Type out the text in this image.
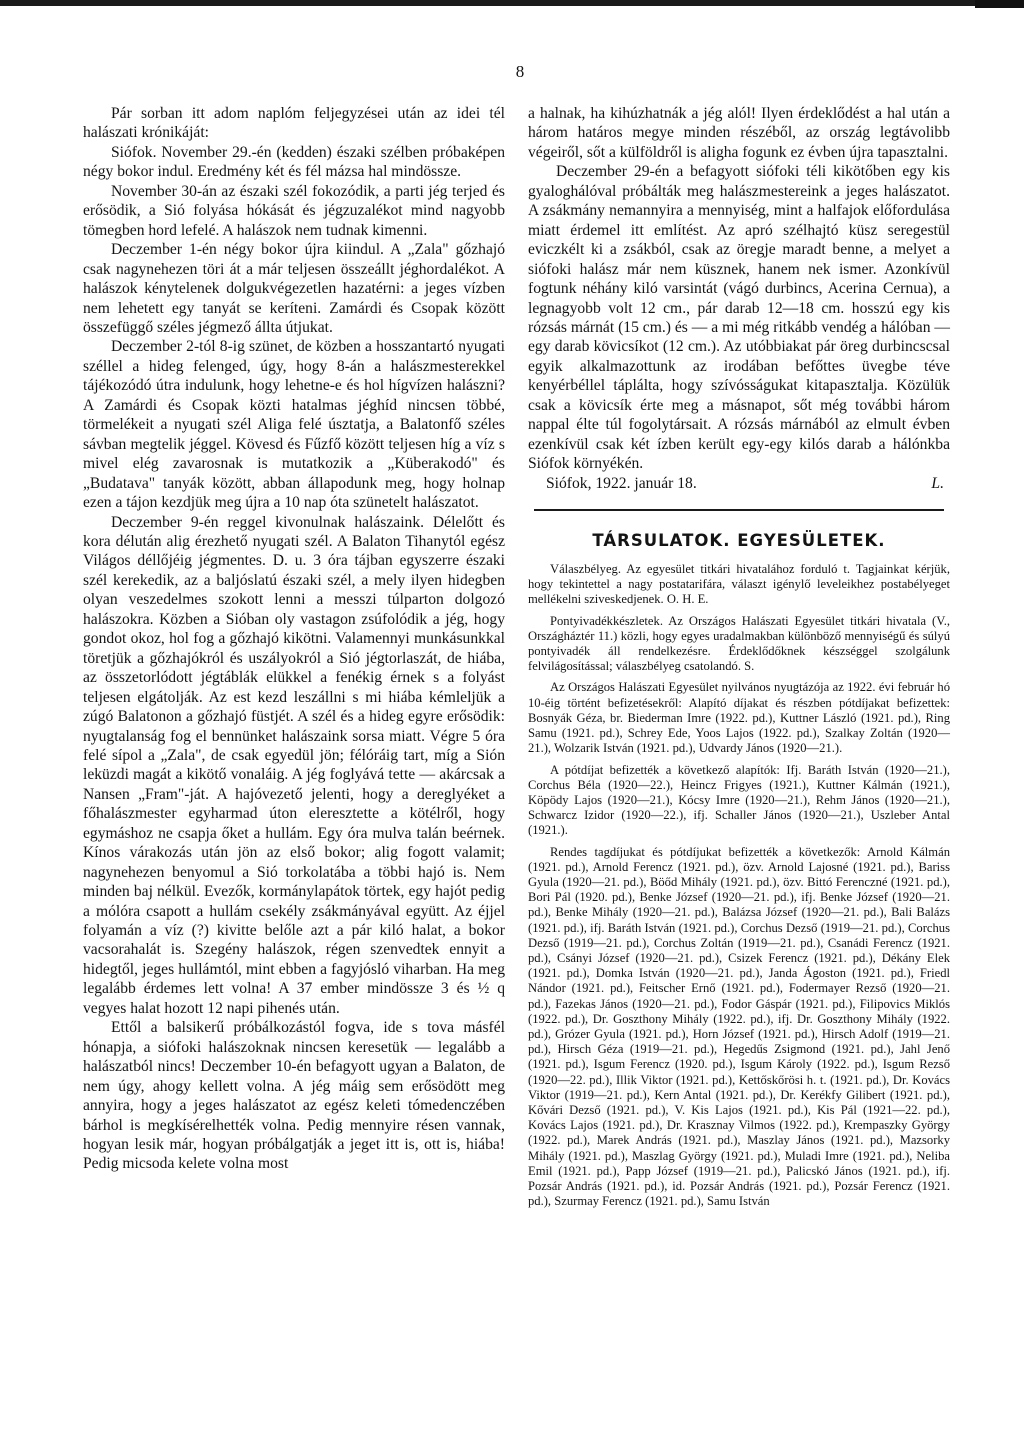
8

Pár sorban itt adom naplóm feljegyzései után az idei tél halászati krónikáját:

Siófok. November 29.-én (kedden) északi szélben próbaképen négy bokor indul. Eredmény két és fél mázsa hal mindössze.

November 30-án az északi szél fokozódik, a parti jég terjed és erősödik, a Sió folyása hókását és jégzuzalékot mind nagyobb tömegben hord lefelé. A halászok nem tudnak kimenni.

Deczember 1-én négy bokor újra kiindul. A „Zala" gőzhajó csak nagynehezen töri át a már teljesen összeállt jéghordalékot. A halászok kénytelenek dolgukvégezetlen hazatérni: a jeges vízben nem lehetett egy tanyát se keríteni. Zamárdi és Csopak között összefüggő széles jégmező állta útjukat.

Deczember 2-tól 8-ig szünet, de közben a hosszantartó nyugati széllel a hideg felenged, úgy, hogy 8-án a halászmesterekkel tájékozódó útra indulunk, hogy lehetne-e és hol hígvízen halászni? A Zamárdi és Csopak közti hatalmas jéghíd nincsen többé, törmelékeit a nyugati szél Aliga felé úsztatja, a Balatonfő széles sávban megtelik jéggel. Kövesd és Fűzfő között teljesen híg a víz s mivel elég zavarosnak is mutatkozik a „Küberakodó" és „Budatava" tanyák között, abban állapodunk meg, hogy holnap ezen a tájon kezdjük meg újra a 10 nap óta szünetelt halászatot.

Deczember 9-én reggel kivonulnak halászaink. Délelőtt és kora délután alig érezhető nyugati szél. A Balaton Tihanytól egész Világos déllőjéig jégmentes. D. u. 3 óra tájban egyszerre északi szél kerekedik, az a baljóslatú északi szél, a mely ilyen hidegben olyan veszedelmes szokott lenni a messzi túlparton dolgozó halászokra. Közben a Sióban oly vastagon zsúfolódik a jég, hogy gondot okoz, hol fog a gőzhajó kikötni. Valamennyi munkásunkkal töretjük a gőzhajókról és uszályokról a Sió jégtorlaszát, de hiába, az összetorlódott jégtáblák elükkel a fenékig érnek s a folyást teljesen elgátolják. Az est kezd leszállni s mi hiába kémleljük a zúgó Balatonon a gőzhajó füstjét. A szél és a hideg egyre erősödik: nyugtalanság fog el bennünket halászaink sorsa miatt. Végre 5 óra felé sípol a „Zala", de csak egyedül jön; félóráig tart, míg a Sión leküzdi magát a kikötő vonaláig. A jég foglyává tette — akárcsak a Nansen „Fram"-ját. A hajóvezető jelenti, hogy a dereglyéket a főhalászmester egyharmad úton eleresztette a kötélről, hogy egymáshoz ne csapja őket a hullám. Egy óra mulva talán beérnek. Kínos várakozás után jön az első bokor; alig fogott valamit; nagynehezen benyomul a Sió torkolatába a többi hajó is. Nem minden baj nélkül. Evezők, kormánylapátok törtek, egy hajót pedig a mólóra csapott a hullám csekély zsákmányával együtt. Az éjjel folyamán a víz (?) kivitte belőle azt a pár kiló halat, a bokor vacsorahalát is. Szegény halászok, régen szenvedtek ennyit a hidegtől, jeges hullámtól, mint ebben a fagyjósló viharban. Ha meg legalább érdemes lett volna! A 37 ember mindösszе 3 és ½ q vegyes halat hozott 12 napi pihenés után.

Ettől a balsikerű próbálkozástól fogva, ide s tova másfél hónapja, a siófoki halászoknak nincsen keresetük — legalább a halászatból nincs! Deczember 10-én befagyott ugyan a Balaton, de nem úgy, ahogy kellett volna. A jég máig sem erősödött meg annyira, hogy a jeges halászatot az egész keleti tómedenczében bárhol is megkísérelhették volna. Pedig mennyire résen vannak, hogyan lesik már, hogyan próbálgatják a jeget itt is, ott is, hiába! Pedig micsoda kelete volna most

a halnak, ha kihúzhatnák a jég alól! Ilyen érdeklődést a hal után a három határos megye minden részéből, az ország legtávolibb végeiről, sőt a külföldről is aligha fogunk ez évben újra tapasztalni.

Deczember 29-én a befagyott siófoki téli kikötőben egy kis gyaloghálóval próbálták meg halászmestereink a jeges halászatot. A zsákmány nemannyira a mennyiség, mint a halfajok előfordulása miatt érdemel itt említést. Az apró szélhajtó küsz seregestül eviczkélt ki a zsákból, csak az öregje maradt benne, a melyet a siófoki halász már nem küsznek, hanem nek ismer. Azonkívül fogtunk néhány kiló varsintát (vágó durbincs, Acerina Cernua), a legnagyobb volt 12 cm., pár darab 12—18 cm. hosszú egy kis rózsás márnát (15 cm.) és — a mi még ritkább vendég a hálóban — egy darab kövicsíkot (12 cm.). Az utóbbiakat pár öreg durbincscsal egyik alkalmazottunk az irodában befőttes üvegbe téve kenyérbéllel táplálta, hogy szívósságukat kitapasztalja. Közülük csak a kövicsík érte meg a másnapot, sőt még további három nappal élte túl fogolytársait. A rózsás márnából az elmult évben ezenkívül csak két ízben került egy-egy kilós darab a hálónkba Siófok környékén.

Siófok, 1922. január 18.	L.
TÁRSULATOK. EGYESÜLETEK.

Válaszbélyeg. Az egyesület titkári hivatalához forduló t. Tagjainkat kérjük, hogy tekintettel a nagy postatarifára, választ igénylő leveleikhez postabélyeget mellékelni sziveskedjenek. O. H. E.

Pontyivadékkészletek. Az Országos Halászati Egyesület titkári hivatala (V., Országháztér 11.) közli, hogy egyes uradalmakban különböző mennyiségű és súlyú pontyivadék áll rendelkezésre. Érdeklődőknek készséggel szolgálunk felvilágosítással; válaszbélyeg csatolandó. S.

Az Országos Halászati Egyesület nyilvános nyugtázója az 1922. évi február hó 10-éig történt befizetésekről: Alapító díjakat és részben pótdíjakat befizettek: Bosnyák Géza, br. Biederman Imre (1922. pd.), Kuttner László (1921. pd.), Ring Samu (1921. pd.), Schrey Ede, Yoos Lajos (1922. pd.), Szalkay Zoltán (1920—21.), Wolzarik István (1921. pd.), Udvardy János (1920—21.).

A pótdíjat befizették a következő alapítók: Ifj. Baráth István (1920—21.), Corchus Béla (1920—22.), Heincz Frigyes (1921.), Kuttner Kálmán (1921.), Köpödy Lajos (1920—21.), Kócsy Imre (1920—21.), Rehm János (1920—21.), Schwarcz Izidor (1920—22.), ifj. Schaller János (1920—21.), Uszleber Antal (1921.).

Rendes tagdíjukat és pótdíjukat befizették a következők: Arnold Kálmán (1921. pd.), Arnold Ferencz (1921. pd.), özv. Arnold Lajosné (1921. pd.), Bariss Gyula (1920—21. pd.), Böőd Mihály (1921. pd.), özv. Bittó Ferenczné (1921. pd.), Bori Pál (1920. pd.), Benke József (1920—21. pd.), ifj. Benke József (1920—21. pd.), Benke Mihály (1920—21. pd.), Balázsa József (1920—21. pd.), Bali Balázs (1921. pd.), ifj. Baráth István (1921. pd.), Corchus Dezső (1919—21. pd.), Corchus Dezső (1919—21. pd.), Corchus Zoltán (1919—21. pd.), Csanádi Ferencz (1921. pd.), Csányi József (1920—21. pd.), Csizek Ferencz (1921. pd.), Dékány Elek (1921. pd.), Domka István (1920—21. pd.), Janda Ágoston (1921. pd.), Friedl Nándor (1921. pd.), Feitscher Ernő (1921. pd.), Fodermayer Rezső (1920—21. pd.), Fazekas János (1920—21. pd.), Fodor Gáspár (1921. pd.), Filipovics Miklós (1922. pd.), Dr. Goszthony Mihály (1922. pd.), ifj. Dr. Goszthony Mihály (1922. pd.), Grózer Gyula (1921. pd.), Horn József (1921. pd.), Hirsch Adolf (1919—21. pd.), Hirsch Géza (1919—21. pd.), Hegedűs Zsigmond (1921. pd.), Jahl Jenő (1921. pd.), Isgum Ferencz (1920. pd.), Isgum Károly (1922. pd.), Isgum Rezső (1920—22. pd.), Illik Viktor (1921. pd.), Kettőskőrösi h. t. (1921. pd.), Dr. Kovács Viktor (1919—21. pd.), Kern Antal (1921. pd.), Dr. Kerékfy Gilibert (1921. pd.), Kővári Dezső (1921. pd.), V. Kis Lajos (1921. pd.), Kis Pál (1921—22. pd.), Kovács Lajos (1921. pd.), Dr. Krasznay Vilmos (1922. pd.), Krempaszky György (1922. pd.), Marek András (1921. pd.), Maszlay János (1921. pd.), Mazsorky Mihály (1921. pd.), Maszlag György (1921. pd.), Muladi Imre (1921. pd.), Neliba Emil (1921. pd.), Papp József (1919—21. pd.), Palicskó János (1921. pd.), ifj. Pozsár András (1921. pd.), id. Pozsár András (1921. pd.), Pozsár Ferencz (1921. pd.), Szurmay Ferencz (1921. pd.), Samu István
